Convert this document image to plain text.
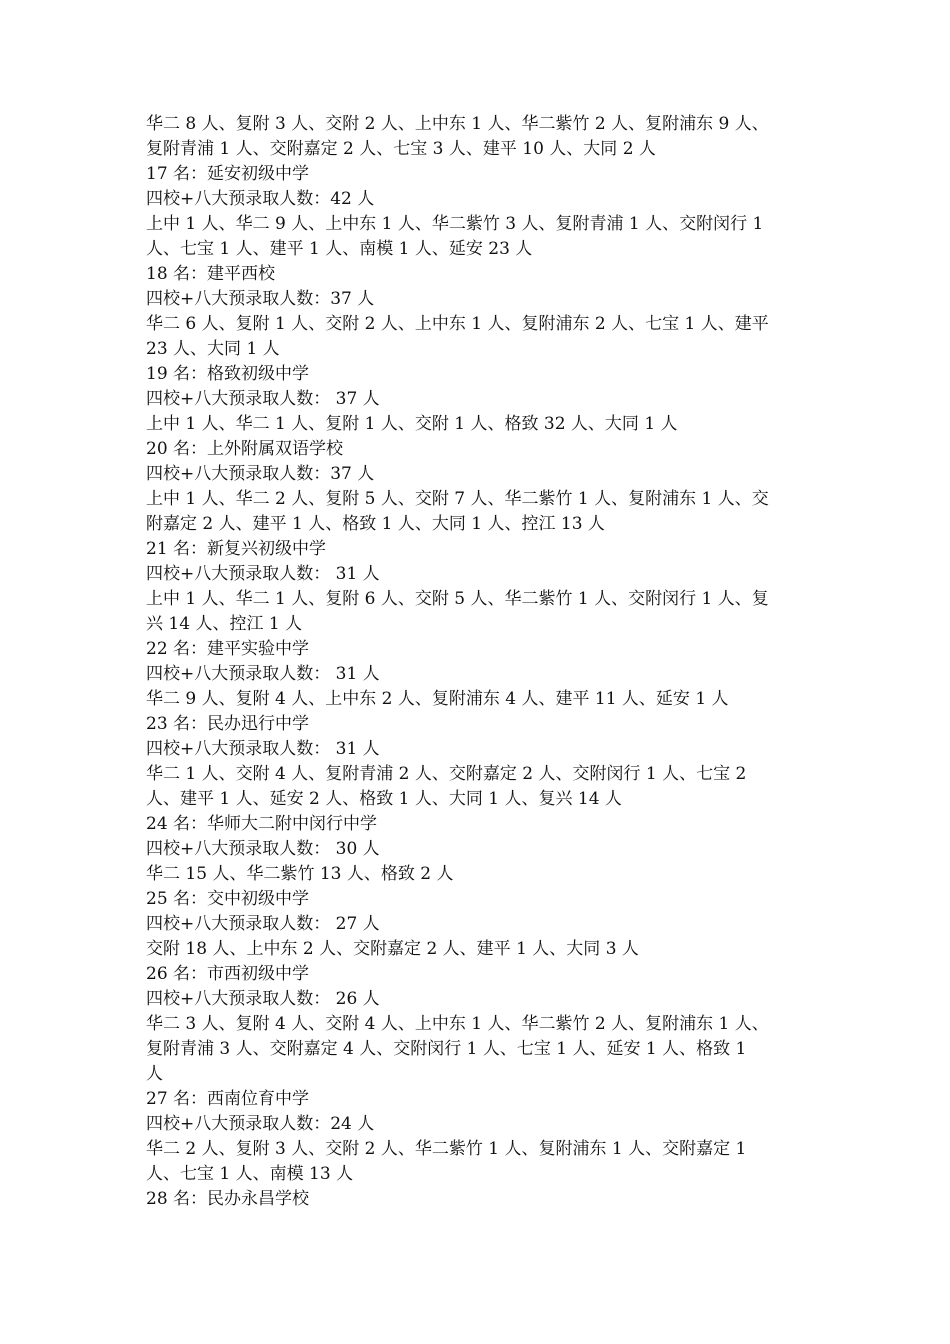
华二 8 人、复附 3 人、交附 2 人、上中东 1 人、华二紫竹 2 人、复附浦东 9 人、
复附青浦 1 人、交附嘉定 2 人、七宝 3 人、建平 10 人、大同 2 人
17 名：延安初级中学
四校+八大预录取人数：42 人
上中 1 人、华二 9 人、上中东 1 人、华二紫竹 3 人、复附青浦 1 人、交附闵行 1
人、七宝 1 人、建平 1 人、南模 1 人、延安 23 人
18 名：建平西校
四校+八大预录取人数：37 人
华二 6 人、复附 1 人、交附 2 人、上中东 1 人、复附浦东 2 人、七宝 1 人、建平
23 人、大同 1 人
19 名：格致初级中学
四校+八大预录取人数： 37 人
上中 1 人、华二 1 人、复附 1 人、交附 1 人、格致 32 人、大同 1 人
20 名：上外附属双语学校
四校+八大预录取人数：37 人
上中 1 人、华二 2 人、复附 5 人、交附 7 人、华二紫竹 1 人、复附浦东 1 人、交
附嘉定 2 人、建平 1 人、格致 1 人、大同 1 人、控江 13 人
21 名：新复兴初级中学
四校+八大预录取人数： 31 人
上中 1 人、华二 1 人、复附 6 人、交附 5 人、华二紫竹 1 人、交附闵行 1 人、复
兴 14 人、控江 1 人
22 名：建平实验中学
四校+八大预录取人数： 31 人
华二 9 人、复附 4 人、上中东 2 人、复附浦东 4 人、建平 11 人、延安 1 人
23 名：民办迅行中学
四校+八大预录取人数： 31 人
华二 1 人、交附 4 人、复附青浦 2 人、交附嘉定 2 人、交附闵行 1 人、七宝 2
人、建平 1 人、延安 2 人、格致 1 人、大同 1 人、复兴 14 人
24 名：华师大二附中闵行中学
四校+八大预录取人数： 30 人
华二 15 人、华二紫竹 13 人、格致 2 人
25 名：交中初级中学
四校+八大预录取人数： 27 人
交附 18 人、上中东 2 人、交附嘉定 2 人、建平 1 人、大同 3 人
26 名：市西初级中学
四校+八大预录取人数： 26 人
华二 3 人、复附 4 人、交附 4 人、上中东 1 人、华二紫竹 2 人、复附浦东 1 人、
复附青浦 3 人、交附嘉定 4 人、交附闵行 1 人、七宝 1 人、延安 1 人、格致 1
人
27 名：西南位育中学
四校+八大预录取人数：24 人
华二 2 人、复附 3 人、交附 2 人、华二紫竹 1 人、复附浦东 1 人、交附嘉定 1
人、七宝 1 人、南模 13 人
28 名：民办永昌学校
